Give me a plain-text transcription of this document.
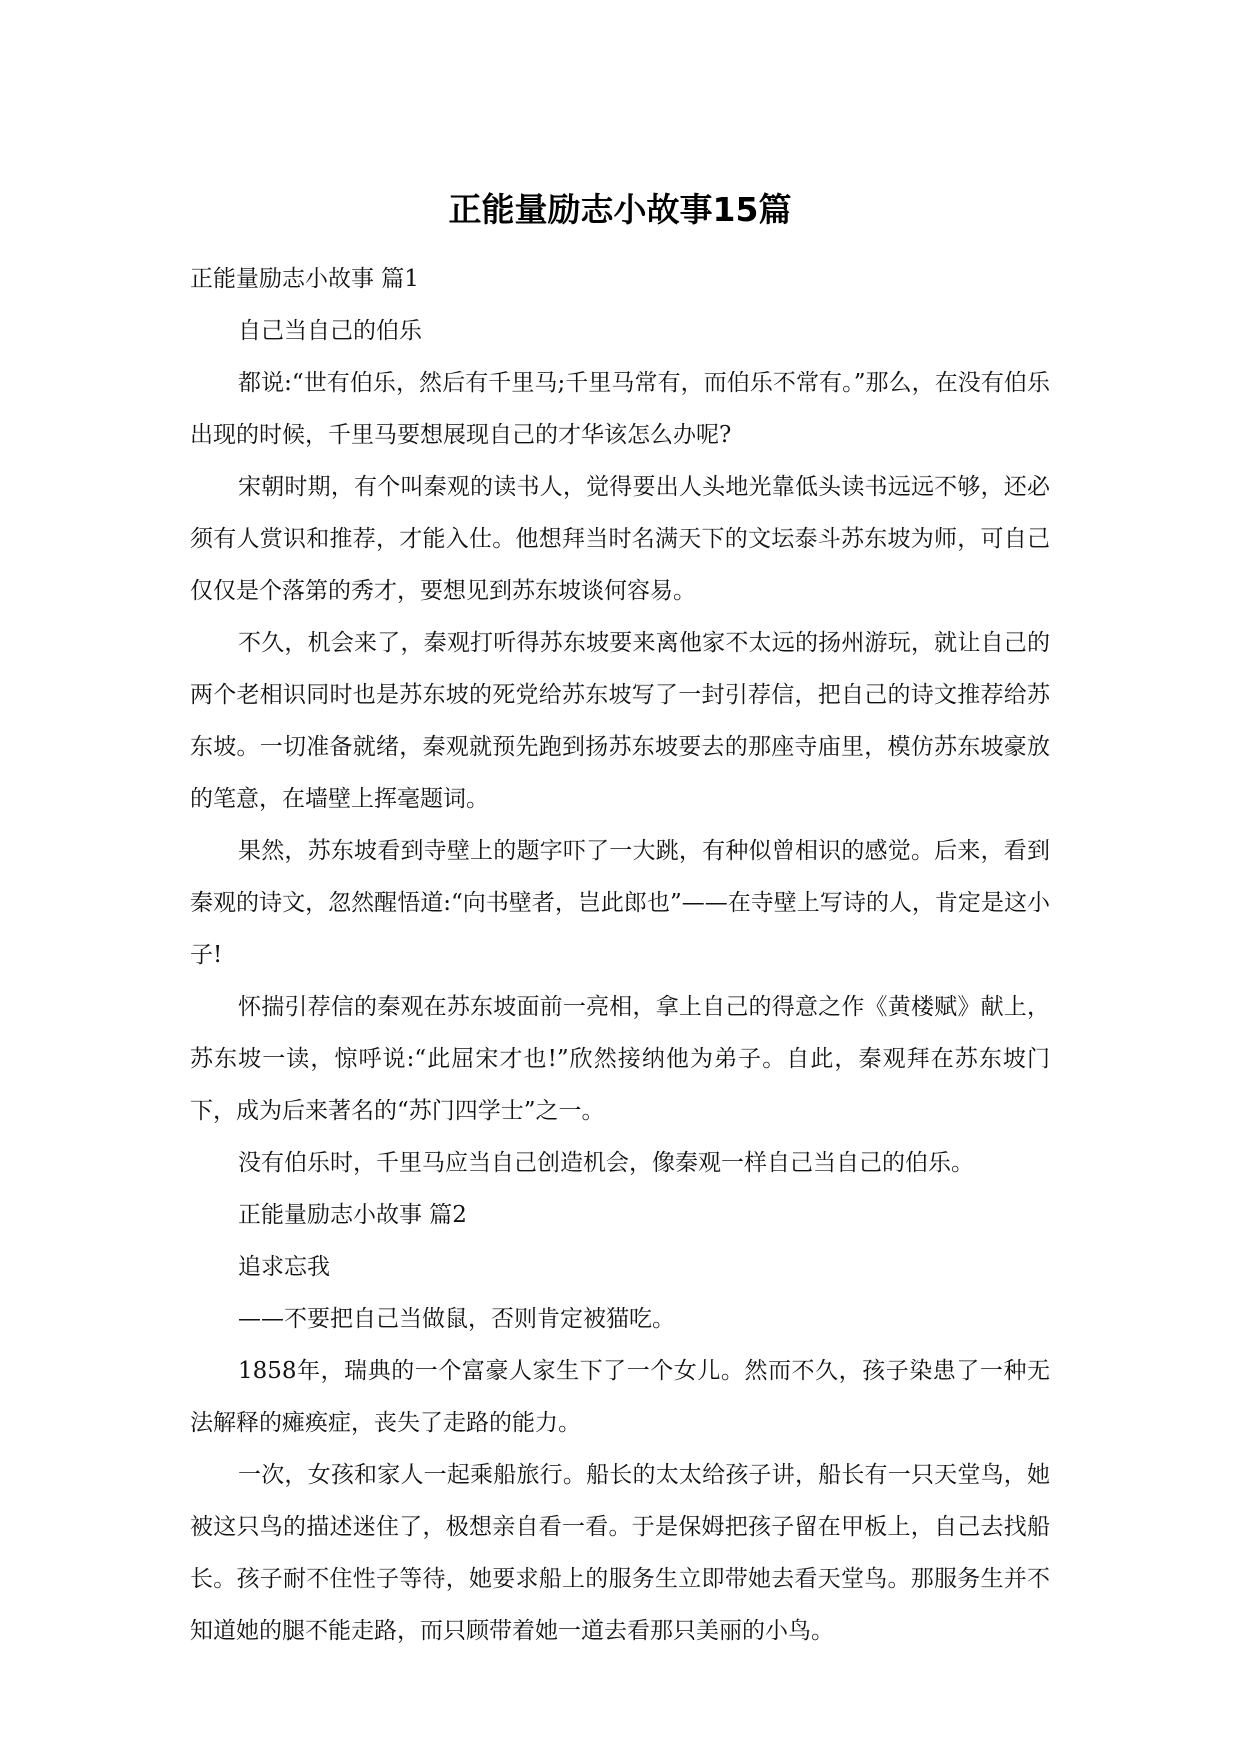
正能量励志小故事15篇

正能量励志小故事 篇1

自己当自己的伯乐

都说:“世有伯乐，然后有千里马;千里马常有，而伯乐不常有。”那么，在没有伯乐出现的时候，千里马要想展现自己的才华该怎么办呢?

宋朝时期，有个叫秦观的读书人，觉得要出人头地光靠低头读书远远不够，还必须有人赏识和推荐，才能入仕。他想拜当时名满天下的文坛泰斗苏东坡为师，可自己仅仅是个落第的秀才，要想见到苏东坡谈何容易。

不久，机会来了，秦观打听得苏东坡要来离他家不太远的扬州游玩，就让自己的两个老相识同时也是苏东坡的死党给苏东坡写了一封引荐信，把自己的诗文推荐给苏东坡。一切准备就绪，秦观就预先跑到扬苏东坡要去的那座寺庙里，模仿苏东坡豪放的笔意，在墙壁上挥毫题词。

果然，苏东坡看到寺壁上的题字吓了一大跳，有种似曾相识的感觉。后来，看到秦观的诗文，忽然醒悟道:“向书壁者，岂此郎也”——在寺壁上写诗的人，肯定是这小子!

怀揣引荐信的秦观在苏东坡面前一亮相，拿上自己的得意之作《黄楼赋》献上，苏东坡一读，惊呼说:“此屈宋才也!”欣然接纳他为弟子。自此，秦观拜在苏东坡门下，成为后来著名的“苏门四学士”之一。

没有伯乐时，千里马应当自己创造机会，像秦观一样自己当自己的伯乐。

正能量励志小故事 篇2

追求忘我

——不要把自己当做鼠，否则肯定被猫吃。

1858年，瑞典的一个富豪人家生下了一个女儿。然而不久，孩子染患了一种无法解释的瘫痪症，丧失了走路的能力。

一次，女孩和家人一起乘船旅行。船长的太太给孩子讲，船长有一只天堂鸟，她被这只鸟的描述迷住了，极想亲自看一看。于是保姆把孩子留在甲板上，自己去找船长。孩子耐不住性子等待，她要求船上的服务生立即带她去看天堂鸟。那服务生并不知道她的腿不能走路，而只顾带着她一道去看那只美丽的小鸟。
